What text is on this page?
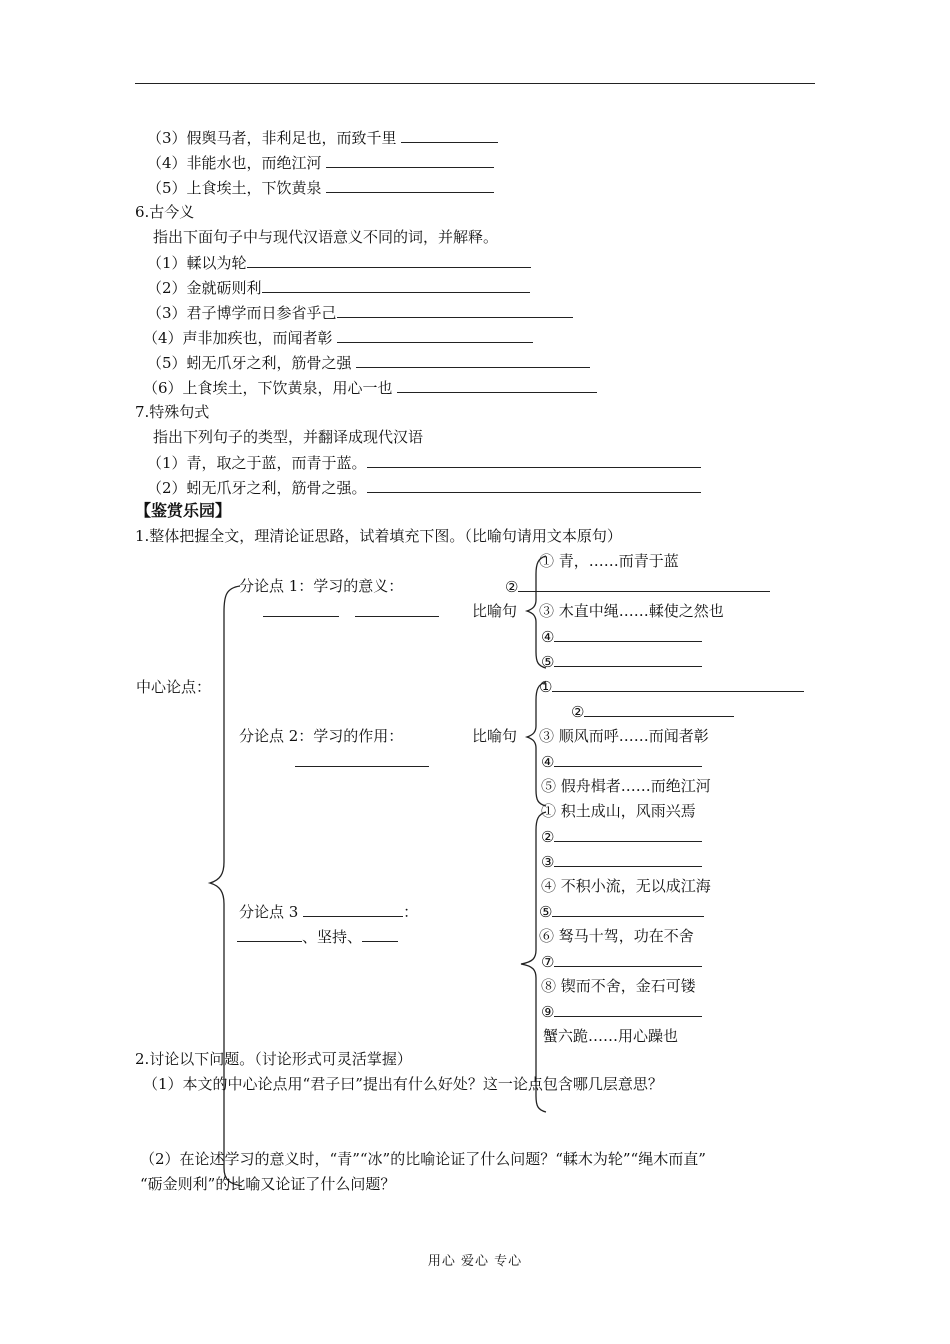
（3）假舆马者，非利足也，而致千里
（4）非能水也，而绝江河
（5）上食埃土，下饮黄泉
6.古今义
指出下面句子中与现代汉语意义不同的词，并解释。
（1）輮以为轮
（2）金就砺则利
（3）君子博学而日参省乎己
（4）声非加疾也，而闻者彰
（5）蚓无爪牙之利，筋骨之强
（6）上食埃土，下饮黄泉，用心一也
7.特殊句式
指出下列句子的类型，并翻译成现代汉语
（1）青，取之于蓝，而青于蓝。
（2）蚓无爪牙之利，筋骨之强。
【鉴赏乐园】
1.整体把握全文，理清论证思路，试着填充下图。（比喻句请用文本原句）
中心论点：
分论点 1：学习的意义：
分论点 2：学习的作用：
分论点 3	：
、坚持、
比喻句
比喻句
① 青，……而青于蓝
②
③ 木直中绳……輮使之然也
④
⑤
①
②
③ 顺风而呼……而闻者彰
④
⑤ 假舟楫者……而绝江河
① 积土成山，风雨兴焉
②
③
④ 不积小流，无以成江海
⑤
⑥ 驽马十驾，功在不舍
⑦
⑧ 锲而不舍，金石可镂
⑨
蟹六跪……用心躁也
2.讨论以下问题。（讨论形式可灵活掌握）
（1）本文的中心论点用“君子曰”提出有什么好处？这一论点包含哪几层意思？
（2）在论述学习的意义时，“青”“冰”的比喻论证了什么问题？“輮木为轮”“绳木而直”
“砺金则利”的比喻又论证了什么问题？
用心 爱心 专心
